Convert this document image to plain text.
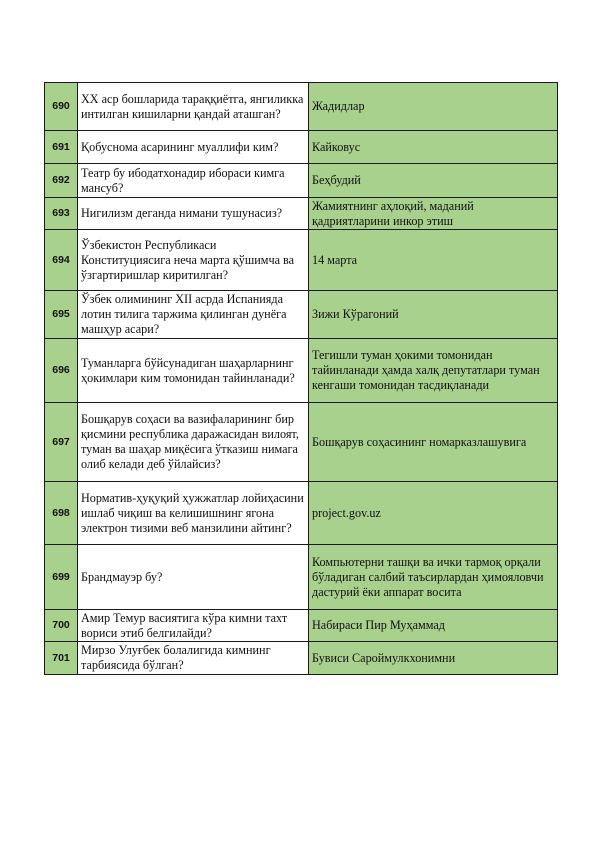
690	XX аср бошларида тараққиётга, янгиликка интилган кишиларни қандай аташган?	Жадидлар
691	Қобуснома асарининг муаллифи ким?	Кайковус
692	Театр бу ибодатхонадир ибораси кимга мансуб?	Беҳбудий
693	Нигилизм деганда нимани тушунасиз?	Жамиятнинг аҳлоқий, маданий қадриятларини инкор этиш
694	Ўзбекистон Республикаси Конституциясига неча марта қўшимча ва ўзгартиришлар киритилган?	14 марта
695	Ўзбек олимининг XII асрда Испанияда лотин тилига таржима қилинган дунёга машҳур асари?	Зижи Кўрагоний
696	Туманларга бўйсунадиган шаҳарларнинг ҳокимлари ким томонидан тайинланади?	Тегишли туман ҳокими томонидан тайинланади ҳамда халқ депутатлари туман кенгаши томонидан тасдиқланади
697	Бошқарув соҳаси ва вазифаларининг бир қисмини республика даражасидан вилоят, туман ва шаҳар миқёсига ўтказиш нимага олиб келади деб ўйлайсиз?	Бошқарув соҳасининг номарказлашувига
698	Норматив-ҳуқуқий ҳужжатлар лойиҳасини ишлаб чиқиш ва келишишнинг ягона электрон тизими веб манзилини айтинг?	project.gov.uz
699	Брандмауэр бу?	Компьютерни ташқи ва ички тармоқ орқали бўладиган салбий таъсирлардан ҳимояловчи дастурий ёки аппарат восита
700	Амир Темур васиятига кўра кимни тахт вориси этиб белгилайди?	Набираси Пир Муҳаммад
701	Мирзо Улуғбек болалигида кимнинг тарбиясида бўлган?	Бувиси Сароймулкхонимни
